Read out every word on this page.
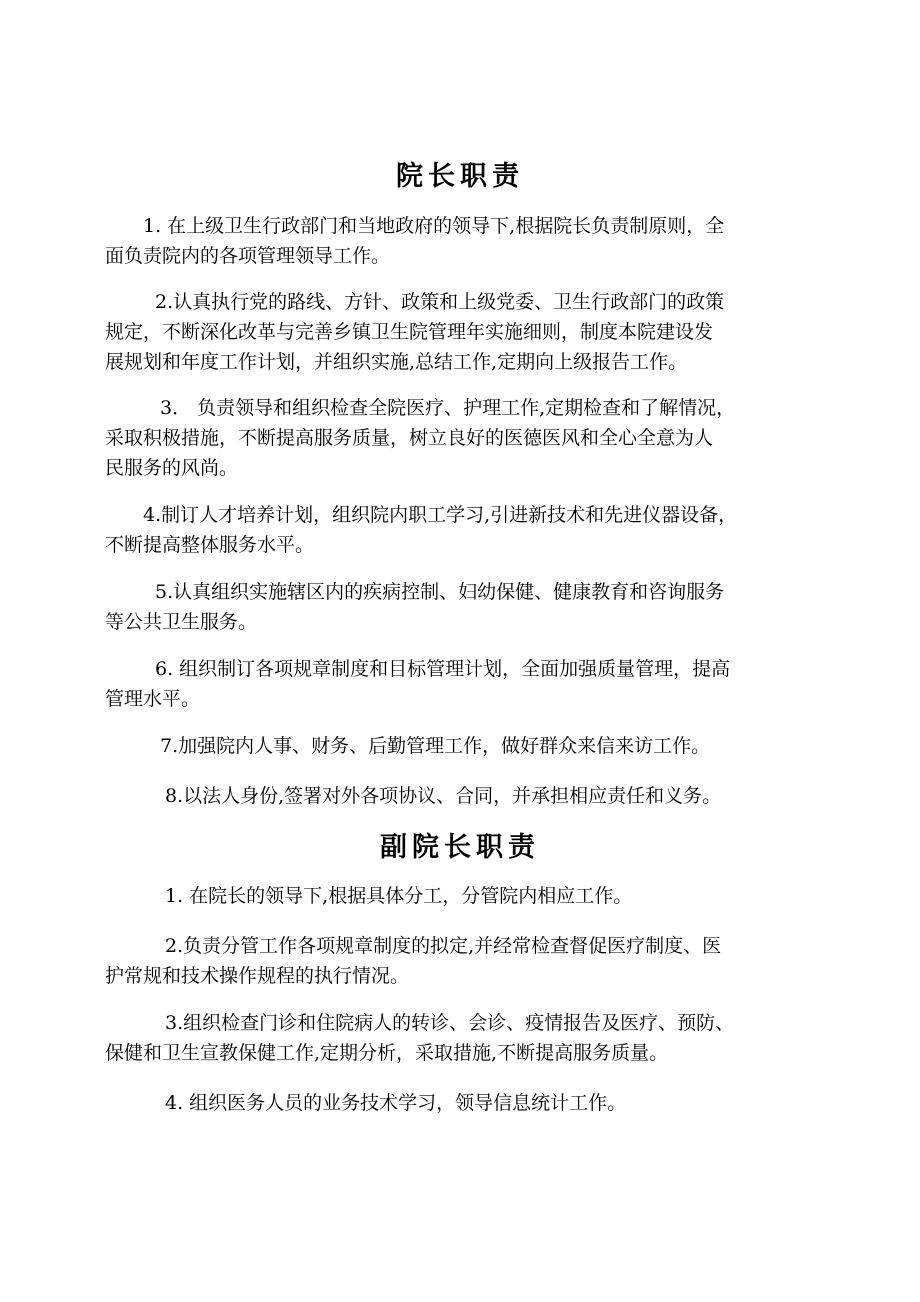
院长职责
1. 在上级卫生行政部门和当地政府的领导下,根据院长负责制原则，全
面负责院内的各项管理领导工作。
2.认真执行党的路线、方针、政策和上级党委、卫生行政部门的政策
规定，不断深化改革与完善乡镇卫生院管理年实施细则，制度本院建设发
展规划和年度工作计划，并组织实施,总结工作,定期向上级报告工作。
3． 负责领导和组织检查全院医疗、护理工作,定期检查和了解情况，
采取积极措施，不断提高服务质量，树立良好的医德医风和全心全意为人
民服务的风尚。
4.制订人才培养计划，组织院内职工学习,引进新技术和先进仪器设备，
不断提高整体服务水平。
5.认真组织实施辖区内的疾病控制、妇幼保健、健康教育和咨询服务
等公共卫生服务。
6. 组织制订各项规章制度和目标管理计划，全面加强质量管理，提高
管理水平。
7.加强院内人事、财务、后勤管理工作，做好群众来信来访工作。
8.以法人身份,签署对外各项协议、合同，并承担相应责任和义务。
副院长职责
1. 在院长的领导下,根据具体分工，分管院内相应工作。
2.负责分管工作各项规章制度的拟定,并经常检查督促医疗制度、医
护常规和技术操作规程的执行情况。
3.组织检查门诊和住院病人的转诊、会诊、疫情报告及医疗、预防、
保健和卫生宣教保健工作,定期分析，采取措施,不断提高服务质量。
4. 组织医务人员的业务技术学习，领导信息统计工作。
